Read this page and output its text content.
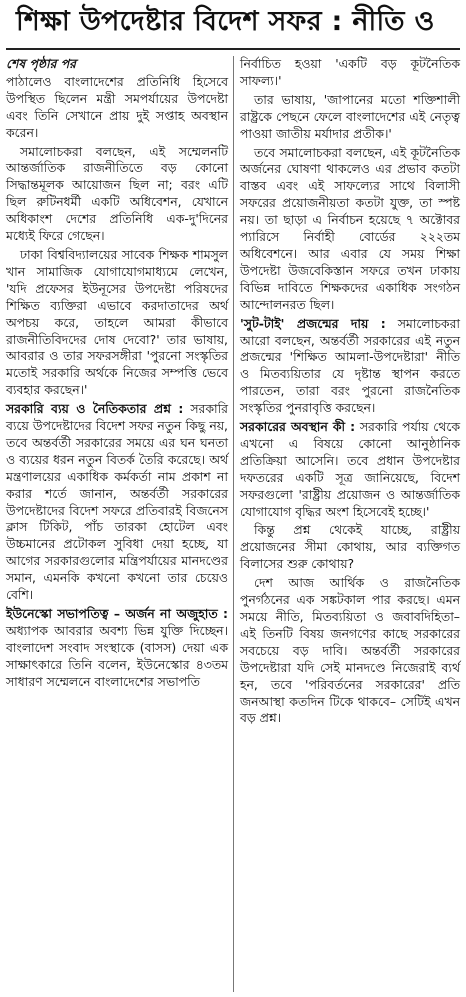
শিক্ষা উপদেষ্টার বিদেশ সফর : নীতি ও

শেষ পৃষ্ঠার পর

পাঠালেও বাংলাদেশের প্রতিনিধি হিসেবে উপস্থিত ছিলেন মন্ত্রী সমপর্যায়ের উপদেষ্টা এবং তিনি সেখানে প্রায় দুই সপ্তাহ অবস্থান করেন।

সমালোচকরা বলছেন, এই সম্মেলনটি আন্তর্জাতিক রাজনীতিতে বড় কোনো সিদ্ধান্তমূলক আয়োজন ছিল না; বরং এটি ছিল রুটিনধর্মী একটি অধিবেশন, যেখানে অধিকাংশ দেশের প্রতিনিধি এক-দু'দিনের মধ্যেই ফিরে গেছেন।

ঢাকা বিশ্ববিদ্যালয়ের সাবেক শিক্ষক শামসুল খান সামাজিক যোগাযোগমাধ্যমে লেখেন, 'যদি প্রফেসর ইউনূসের উপদেষ্টা পরিষদের শিক্ষিত ব্যক্তিরা এভাবে করদাতাদের অর্থ অপচয় করে, তাহলে আমরা কীভাবে রাজনীতিবিদদের দোষ দেবো?' তার ভাষায়, আবরার ও তার সফরসঙ্গীরা 'পুরনো সংস্কৃতির মতোই সরকারি অর্থকে নিজের সম্পত্তি ভেবে ব্যবহার করছেন।'

সরকারি ব্যয় ও নৈতিকতার প্রশ্ন : সরকারি ব্যয়ে উপদেষ্টাদের বিদেশ সফর নতুন কিছু নয়, তবে অন্তর্বর্তী সরকারের সময়ে এর ঘন ঘনতা ও ব্যয়ের ধরন নতুন বিতর্ক তৈরি করেছে। অর্থ মন্ত্রণালয়ের একাধিক কর্মকর্তা নাম প্রকাশ না করার শর্তে জানান, অন্তর্বর্তী সরকারের উপদেষ্টাদের বিদেশ সফরে প্রতিবারই বিজনেস ক্লাস টিকিট, পাঁচ তারকা হোটেল এবং উচ্চমানের প্রটোকল সুবিধা দেয়া হচ্ছে, যা আগের সরকারগুলোর মন্ত্রিপর্যায়ের মানদণ্ডের সমান, এমনকি কখনো কখনো তার চেয়েও বেশি।

ইউনেস্কো সভাপতিত্ব – অর্জন না অজুহাত : অধ্যাপক আবরার অবশ্য ভিন্ন যুক্তি দিচ্ছেন। বাংলাদেশ সংবাদ সংস্থাকে (বাসস) দেয়া এক সাক্ষাৎকারে তিনি বলেন, ইউনেস্কোর ৪৩তম সাধারণ সম্মেলনে বাংলাদেশের সভাপতি

নির্বাচিত হওয়া 'একটি বড় কূটনৈতিক সাফল্য।'

তার ভাষায়, 'জাপানের মতো শক্তিশালী রাষ্ট্রকে পেছনে ফেলে বাংলাদেশের এই নেতৃত্ব পাওয়া জাতীয় মর্যাদার প্রতীক।'

তবে সমালোচকরা বলছেন, এই কূটনৈতিক অর্জনের ঘোষণা থাকলেও এর প্রভাব কতটা বাস্তব এবং এই সাফল্যের সাথে বিলাসী সফরের প্রয়োজনীয়তা কতটা যুক্ত, তা স্পষ্ট নয়। তা ছাড়া এ নির্বাচন হয়েছে ৭ অক্টোবর প্যারিসে নির্বাহী বোর্ডের ২২২তম অধিবেশনে। আর এবার যে সময় শিক্ষা উপদেষ্টা উজবেকিস্তান সফরে তখন ঢাকায় বিভিন্ন দাবিতে শিক্ষকদের একাধিক সংগঠন আন্দোলনরত ছিল।

'সুট-টাই' প্রজন্মের দায় : সমালোচকরা আরো বলছেন, অন্তর্বর্তী সরকারের এই নতুন প্রজন্মের 'শিক্ষিত আমলা-উপদেষ্টারা' নীতি ও মিতব্যয়িতার যে দৃষ্টান্ত স্থাপন করতে পারতেন, তারা বরং পুরনো রাজনৈতিক সংস্কৃতির পুনরাবৃত্তি করছেন।

সরকারের অবস্থান কী : সরকারি পর্যায় থেকে এখনো এ বিষয়ে কোনো আনুষ্ঠানিক প্রতিক্রিয়া আসেনি। তবে প্রধান উপদেষ্টার দফতরের একটি সূত্র জানিয়েছে, বিদেশ সফরগুলো 'রাষ্ট্রীয় প্রয়োজন ও আন্তর্জাতিক যোগাযোগ বৃদ্ধির অংশ হিসেবেই হচ্ছে।'

কিন্তু প্রশ্ন থেকেই যাচ্ছে, রাষ্ট্রীয় প্রয়োজনের সীমা কোথায়, আর ব্যক্তিগত বিলাসের শুরু কোথায়?

দেশ আজ আর্থিক ও রাজনৈতিক পুনর্গঠনের এক সঙ্কটকাল পার করছে। এমন সময়ে নীতি, মিতব্যয়িতা ও জবাবদিহিতা– এই তিনটি বিষয় জনগণের কাছে সরকারের সবচেয়ে বড় দাবি। অন্তর্বর্তী সরকারের উপদেষ্টারা যদি সেই মানদণ্ডে নিজেরাই ব্যর্থ হন, তবে 'পরিবর্তনের সরকারের' প্রতি জনআস্থা কতদিন টিকে থাকবে– সেটিই এখন বড় প্রশ্ন।
